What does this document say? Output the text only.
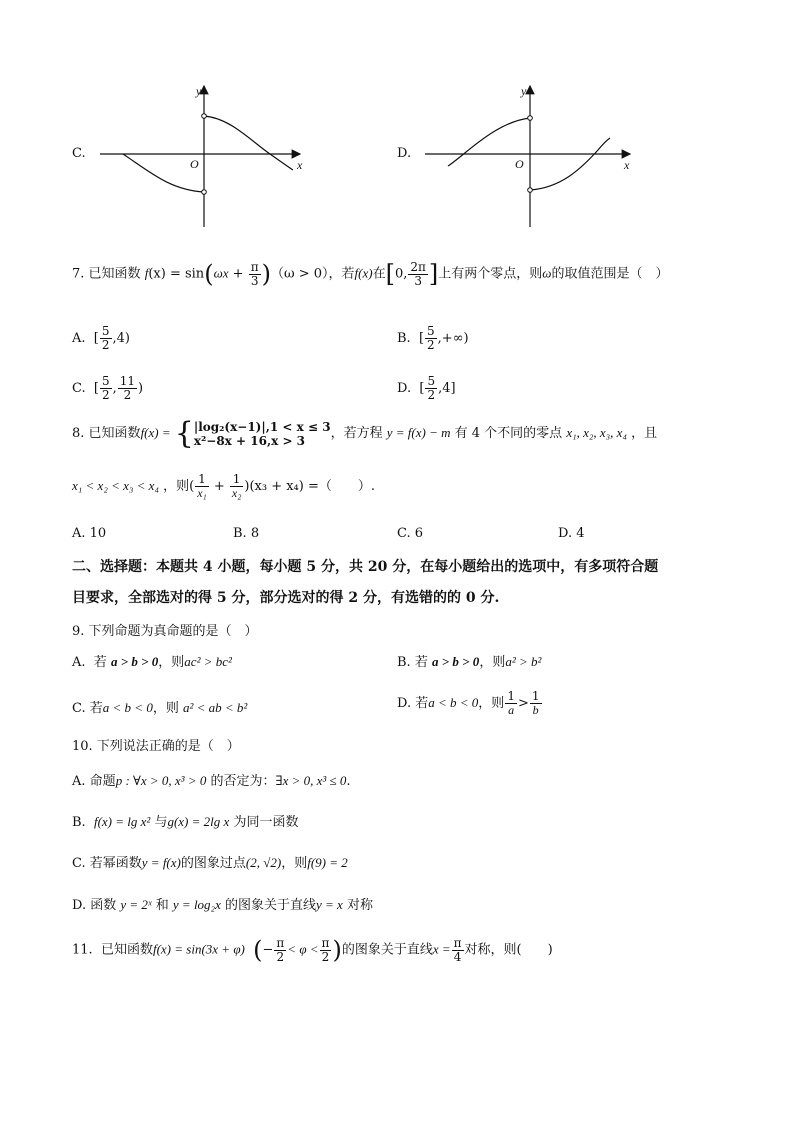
C.
y
x
O
D.
y
x
O
7. 已知函数 $f(x) = \sin(\omega x + \frac{\pi}{3} )(\omega > 0)$，若f(x)在[0, $\frac{2\pi}{3}$ ]上有两个零点，则ω的取值范围是（　）
A. [ $\frac{5}{2} ,4$)	B. [ $\frac{5}{2}$ ,+∞)
C. [ $\frac{5}{2}$ , $\frac{11}{2}$ )	D. [ $\frac{5}{2} ,4$]
8. 已知函数f(x) = { |log₂(x−1)|,1 < x ≤ 3
x²−8x + 16,x > 3	，若方程 y = f(x) − m 有 4 个不同的零点 x₁, x₂, x₃, x₄ ，且
x₁ < x₂ < x₃ < x₄ ，则( $\frac{1}{\text{x₁}} + \frac{1}{\text{x₂}} )(x_3 + x_4)$ =（　　）.
A. 10	B. 8	C. 6	D. 4
二、选择题：本题共 4 小题，每小题 5 分，共 20 分，在每小题给出的选项中，有多项符合题
目要求，全部选对的得 5 分，部分选对的得 2 分，有选错的的 0 分.
9. 下列命题为真命题的是（　）
A. 若 a > b > 0，则ac² > bc²	B. 若 a > b > 0，则a² > b²
C. 若a < b < 0，则 a² < ab < b²	D. 若a < b < 0，则 $\frac{1}{a} > \frac{1}{b}$
10. 下列说法正确的是（　）
A. 命题p : ∀x > 0, x³ > 0 的否定为：∃x > 0, x³ ≤ 0.
B. f(x) = lg x² 与g(x) = 2lg x 为同一函数
C. 若幂函数y = f(x)的图象过点(2, √2)，则f(9) = 2
D. 函数 y = 2ˣ 和 y = log₂x 的图象关于直线y = x 对称
11. 已知函数f(x) = sin(3x + φ) (− $\frac{\pi}{2} < \varphi < \frac{\pi}{2}$ )的图象关于直线$x = \frac{\pi}{4}$ 对称，则(　　)
